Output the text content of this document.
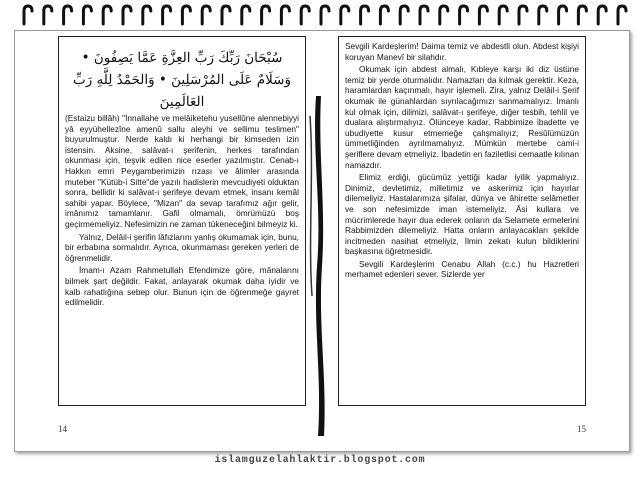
سُبْحَانَ رَبِّكَ رَبِّ العِزَّةِ عَمَّا يَصِفُونَ • وَسَلَامٌ عَلَى المُرْسَلِينَ • وَالحَمْدُ لِلَّهِ رَبِّ العَالَمِينَ

(Estaizu billâh) "İnnallahe ve melâiketehu yusellûne alennebiyyi yâ eyyühellezîne amenû sallu aleyhi ve sellimu teslimen" buyurulmuştur. Nerde kaldı ki herhangi bir kimseden izin istensin. Aksine, salâvat-ı şerifenin, herkes tarafından okunması için, teşvik edilen nice eserler yazılmıştır. Cenab-ı Hakkın emri Peygamberimizin rızası ve âlimler arasında muteber "Kütüb-i Sitte"de yazılı hadislerin mevcudiyeti olduktan sonra, bellidir ki salâvat-ı şerifeye devam etmek, insanı kemâl sahibi yapar. Böylece, "Mizan" da sevap tarafımız ağır gelir, imânımız tamamlanır. Gafil olmamalı, ömrümüzü boş geçirmemeliyiz. Nefesimizin ne zaman tükeneceğini bilmeyiz ki.

Yalnız, Delâil-i şerifin lâfızlarını yanlış okumamak için, bunu, bir erbabına sormalıdır. Ayrıca, okunmaması gereken yerleri de öğrenmelidir.

İmam-ı Azam Rahmetullah Efendimize göre, mânalarını bilmek şart değildir. Fakat, anlayarak okumak daha iyidir ve kalb rahatlığına sebep olur. Bunun için de öğrenmeğe gayret edilmelidir.

14

Sevgili Kardeşlerim! Daima temiz ve abdestli olun. Abdest kişiyi koruyan Manevî bir silahdır.

Okumak için abdest almalı, Kıbleye karşı iki diz üstüne temiz bir yerde oturmalıdır. Namazları da kılmak gerektir. Keza, haramlardan kaçınmalı, hayır işlemeli. Zira, yalnız Delâil-i Şerif okumak ile günahlardan sıyrılacağımızı sanmamalıyız. İmanlı kul olmak için, dilimizi, salâvat-ı şerifeye, diğer tesbih, tehlil ve dualara alıştırmalıyız. Ölünceye kadar, Rabbimize ibadette ve ubudiyette kusur etmemeğe çalışmalıyız; Resûlümüzün ümmetliğinden ayrılmamalıyız. Mümkün mertebe cami-i şeriflere devam etmeliyiz. İbadetin en faziletlisi cemaatle kılınan namazdır.

Elimiz erdiği, gücümüz yettiği kadar iyilik yapmalıyız. Dinimiz, devletimiz, milletimiz ve askerimiz için hayırlar dilemeliyiz. Hastalarımıza şifalar, dünya ve âhirette selâmetler ve son nefesimizde iman istemeliyiz. Âsi kullara ve mücrimlerede hayır dua ederek onların da Selamete ermelerini Rabbimizden dilemeliyiz. Hatta onların anlayacakları şekilde incitmeden nasihat etmeliyiz, İlmin zekatı kulun bildiklerini başkasına öğretmesidir.

Sevgili Kardeşlerim Cenabu Allah (c.c.) hu Hazretleri merhamet edenleri sever. Sizlerde yer

15
islamguzelahlaktir.blogspot.com
